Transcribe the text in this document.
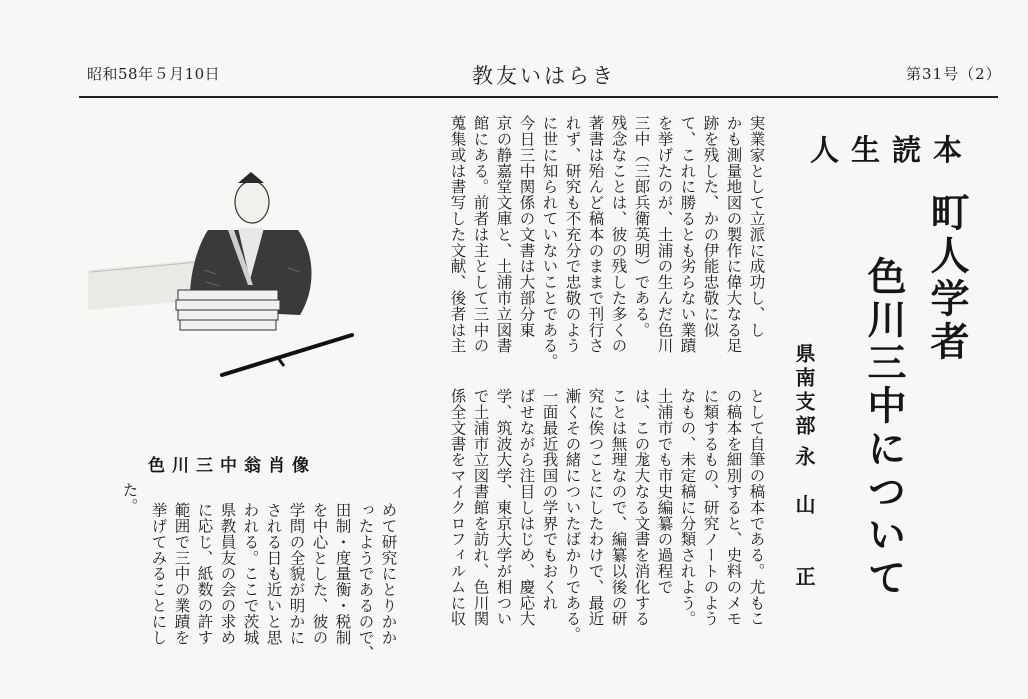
昭和58年５月10日	教友いはらき	第31号（2）
人生読本
町人学者
色川三中について
県南支部
永　山　　正
実業家として立派に成功し、し
かも測量地図の製作に偉大なる足
跡を残した、かの伊能忠敬に似
て、これに勝るとも劣らない業蹟
を挙げたのが、土浦の生んだ色川
三中（三郎兵衛英明）である。
残念なことは、彼の残した多くの
著書は殆んど稿本のままで刊行さ
れず、研究も不充分で忠敬のよう
に世に知られていないことである。
今日三中関係の文書は大部分東
京の静嘉堂文庫と、土浦市立図書
館にある。前者は主として三中の
蒐集或は書写した文献、後者は主
として自筆の稿本である。尤もこ
の稿本を細別すると、史料のメモ
に類するもの、研究ノートのよう
なもの、未定稿に分類されよう。
土浦市でも市史編纂の過程で
は、この尨大なる文書を消化する
ことは無理なので、編纂以後の研
究に俟つことにしたわけで、最近
漸くその緒についたばかりである。
一面最近我国の学界でもおくれ
ばせながら注目しはじめ、慶応大
学、筑波大学、東京大学が相つい
で土浦市立図書館を訪れ、色川関
係全文書をマイクロフィルムに収
めて研究にとりかか
ったようであるので、
田制・度量衡・税制
を中心とした、彼の
学問の全貌が明かに
される日も近いと思
われる。ここで茨城
県教員友の会の求め
に応じ、紙数の許す
範囲で三中の業蹟を
挙げてみることにし
た。
色川三中翁肖像
